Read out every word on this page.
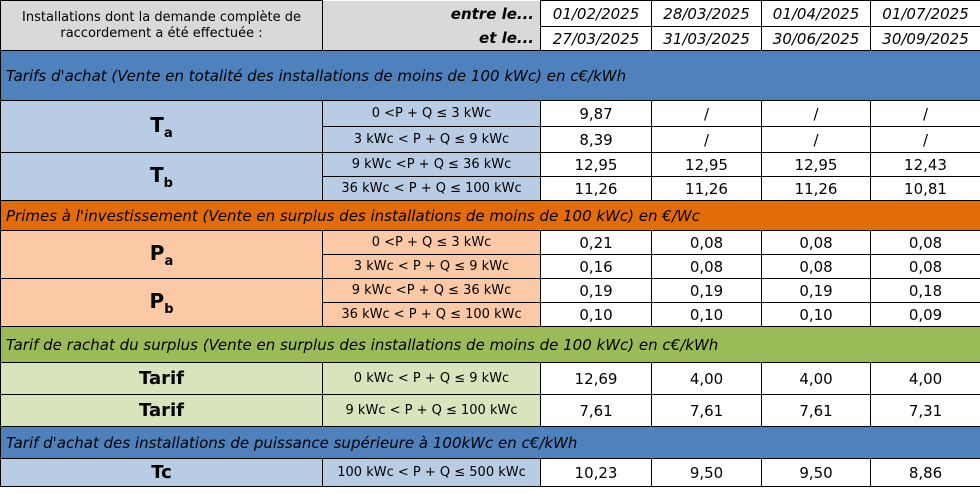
Installations dont la demande complète de raccordement a été effectuée :	entre le...	01/02/2025	28/03/2025	01/04/2025	01/07/2025
	et le...	27/03/2025	31/03/2025	30/06/2025	30/09/2025
Tarifs d'achat (Vente en totalité des installations de moins de 100 kWc) en c€/kWh					
$T_a$	0 <P + Q ≤ 3 kWc	9,87	/	/	/
	3 kWc < P + Q ≤ 9 kWc	8,39	/	/	/
$T_b$	9 kWc <P + Q ≤ 36 kWc	12,95	12,95	12,95	12,43
	36 kWc < P + Q ≤ 100 kWc	11,26	11,26	11,26	10,81
Primes à l'investissement (Vente en surplus des installations de moins de 100 kWc) en €/Wc					
$P_a$	0 <P + Q ≤ 3 kWc	0,21	0,08	0,08	0,08
	3 kWc < P + Q ≤ 9 kWc	0,16	0,08	0,08	0,08
$P_b$	9 kWc <P + Q ≤ 36 kWc	0,19	0,19	0,19	0,18
	36 kWc < P + Q ≤ 100 kWc	0,10	0,10	0,10	0,09
Tarif de rachat du surplus (Vente en surplus des installations de moins de 100 kWc) en c€/kWh					
Tarif	0 kWc < P + Q ≤ 9 kWc	12,69	4,00	4,00	4,00
Tarif	9 kWc < P + Q ≤ 100 kWc	7,61	7,61	7,61	7,31
Tarif d'achat des installations de puissance supérieure à 100kWc en c€/kWh					
Tc	100 kWc < P + Q ≤ 500 kWc	10,23	9,50	9,50	8,86
